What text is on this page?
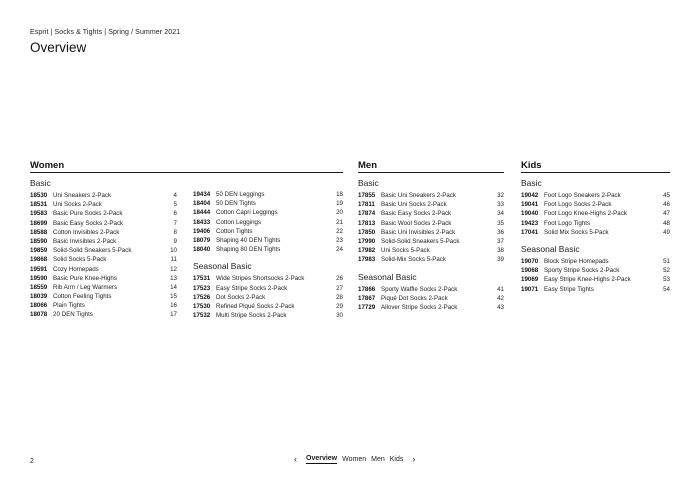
Esprit | Socks & Tights | Spring / Summer 2021
Overview
Women
Basic
18530 Uni Sneakers 2-Pack	4
18531 Uni Socks 2-Pack	5
19583 Basic Pure Socks 2-Pack	6
18699 Basic Easy Socks 2-Pack	7
18588 Cotton Invisibles 2-Pack	8
18590 Basic Invisibles 2-Pack	9
19859 Solid-Solid Sneakers 5-Pack	10
19868 Solid Socks 5-Pack	11
19591 Cozy Homepads	12
19590 Basic Pure Knee-Highs	13
18559 Rib Arm / Leg Warmers	14
18039 Cotton Feeling Tights	15
18066 Plain Tights	16
18078 20 DEN Tights	17
19434 50 DEN Leggings	18
18404 50 DEN Tights	19
18444 Cotton Capri Leggings	20
18433 Cotton Leggings	21
19406 Cotton Tights	22
18079 Shaping 40 DEN Tights	23
18040 Shaping 80 DEN Tights	24
Seasonal Basic
17531 Wide Stripes Shortsocks 2-Pack	26
17523 Easy Stripe Socks 2-Pack	27
17526 Dot Socks 2-Pack	28
17530 Refined Piqué Socks 2-Pack	29
17532 Multi Stripe Socks 2-Pack	30
Men
Basic
17855 Basic Uni Sneakers 2-Pack	32
17811 Basic Uni Socks 2-Pack	33
17874 Basic Easy Socks 2-Pack	34
17813 Basic Wool Socks 2-Pack	35
17850 Basic Uni Invisibles 2-Pack	36
17990 Solid-Solid Sneakers 5-Pack	37
17982 Uni Socks 5-Pack	38
17983 Solid-Mix Socks 5-Pack	39
Seasonal Basic
17866 Sporty Waffle Socks 2-Pack	41
17867 Piqué Dot Socks 2-Pack	42
17729 Allover Stripe Socks 2-Pack	43
Kids
Basic
19042 Foot Logo Sneakers 2-Pack	45
19041 Foot Logo Socks 2-Pack	46
19040 Foot Logo Knee-Highs 2-Pack	47
19423 Foot Logo Tights	48
17041 Solid Mix Socks 5-Pack	49
Seasonal Basic
19070 Block Stripe Homepads	51
19068 Sporty Stripe Socks 2-Pack	52
19069 Easy Stripe Knee-Highs 2-Pack	53
19071 Easy Stripe Tights	54
2	‹	Overview Women Men Kids	›
